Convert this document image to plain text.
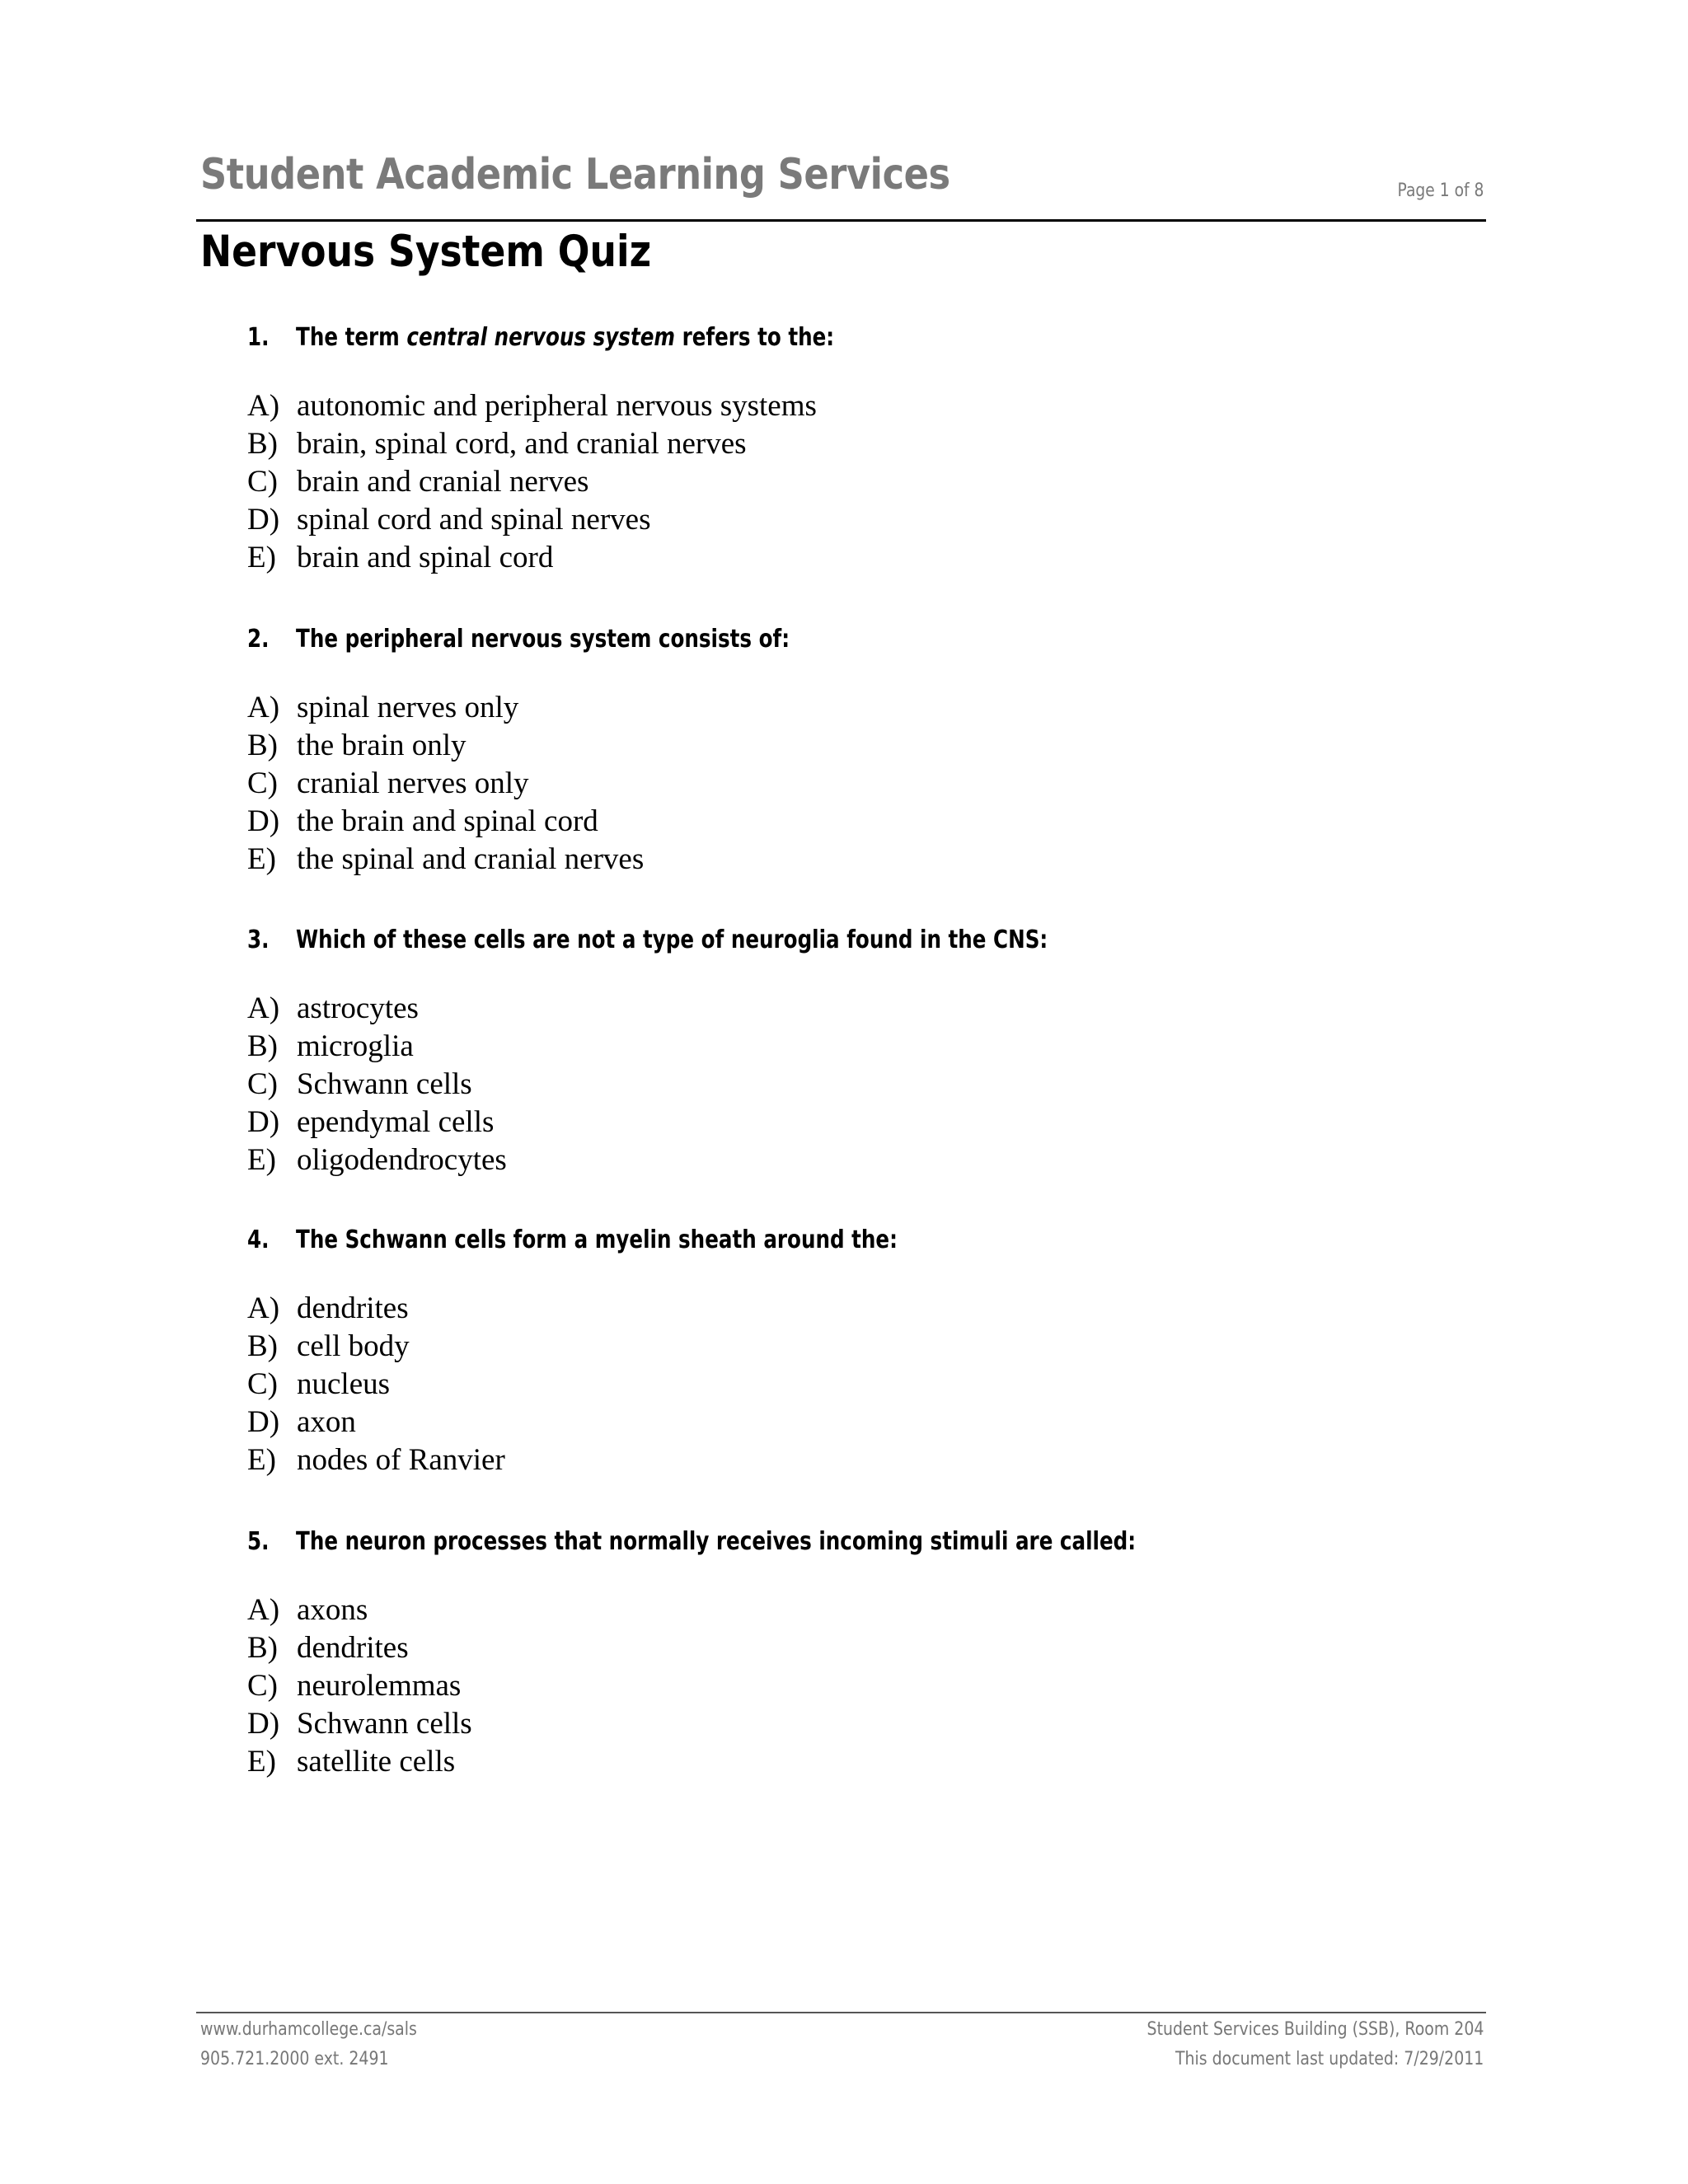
Student Academic Learning Services	Page 1 of 8
Nervous System Quiz
1. The term central nervous system refers to the:
A) autonomic and peripheral nervous systems
B) brain, spinal cord, and cranial nerves
C) brain and cranial nerves
D) spinal cord and spinal nerves
E) brain and spinal cord
2. The peripheral nervous system consists of:
A) spinal nerves only
B) the brain only
C) cranial nerves only
D) the brain and spinal cord
E) the spinal and cranial nerves
3. Which of these cells are not a type of neuroglia found in the CNS:
A) astrocytes
B) microglia
C) Schwann cells
D) ependymal cells
E) oligodendrocytes
4. The Schwann cells form a myelin sheath around the:
A) dendrites
B) cell body
C) nucleus
D) axon
E) nodes of Ranvier
5. The neuron processes that normally receives incoming stimuli are called:
A) axons
B) dendrites
C) neurolemmas
D) Schwann cells
E) satellite cells
www.durhamcollege.ca/sals
905.721.2000 ext. 2491
Student Services Building (SSB), Room 204
This document last updated: 7/29/2011
